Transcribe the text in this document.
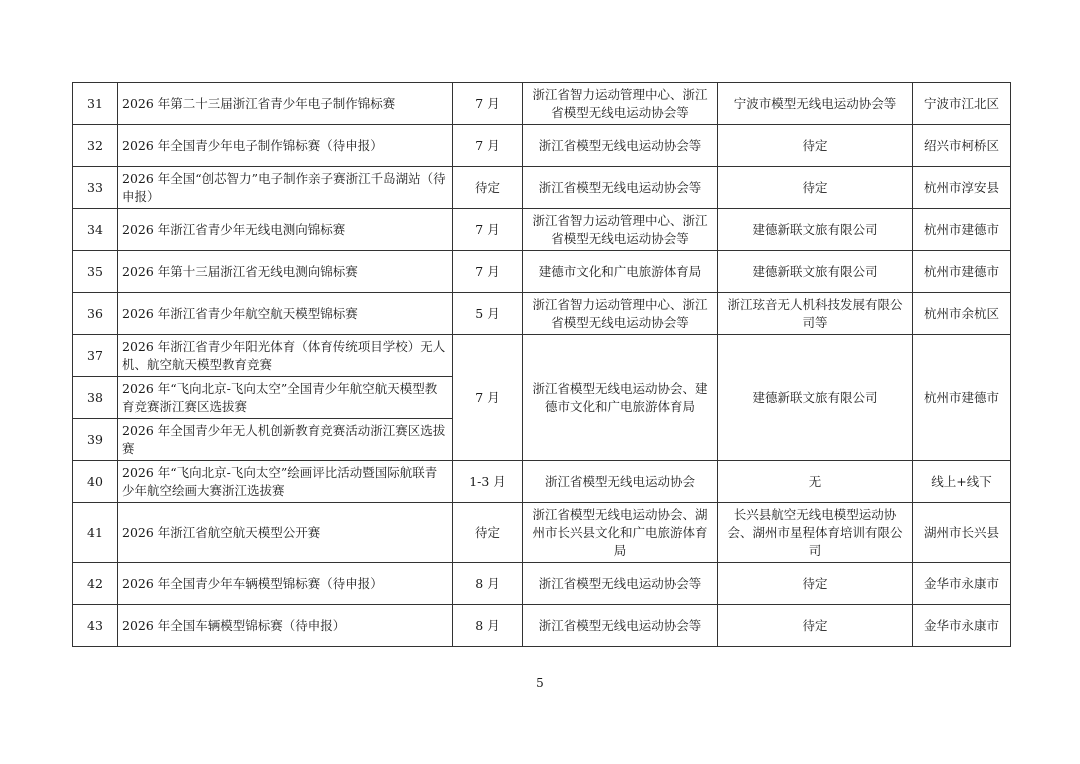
31	2026 年第二十三届浙江省青少年电子制作锦标赛	7 月	浙江省智力运动管理中心、浙江省模型无线电运动协会等	宁波市模型无线电运动协会等	宁波市江北区
32	2026 年全国青少年电子制作锦标赛（待申报）	7 月	浙江省模型无线电运动协会等	待定	绍兴市柯桥区
33	2026 年全国“创芯智力”电子制作亲子赛浙江千岛湖站（待申报）	待定	浙江省模型无线电运动协会等	待定	杭州市淳安县
34	2026 年浙江省青少年无线电测向锦标赛	7 月	浙江省智力运动管理中心、浙江省模型无线电运动协会等	建德新联文旅有限公司	杭州市建德市
35	2026 年第十三届浙江省无线电测向锦标赛	7 月	建德市文化和广电旅游体育局	建德新联文旅有限公司	杭州市建德市
36	2026 年浙江省青少年航空航天模型锦标赛	5 月	浙江省智力运动管理中心、浙江省模型无线电运动协会等	浙江玹音无人机科技发展有限公司等	杭州市余杭区
37	2026 年浙江省青少年阳光体育（体育传统项目学校）无人机、航空航天模型教育竞赛	7 月	浙江省模型无线电运动协会、建德市文化和广电旅游体育局	建德新联文旅有限公司	杭州市建德市
38	2026 年“飞向北京-飞向太空”全国青少年航空航天模型教育竞赛浙江赛区选拔赛				
39	2026 年全国青少年无人机创新教育竞赛活动浙江赛区选拔赛				
40	2026 年“飞向北京-飞向太空”绘画评比活动暨国际航联青少年航空绘画大赛浙江选拔赛	1-3 月	浙江省模型无线电运动协会	无	线上+线下
41	2026 年浙江省航空航天模型公开赛	待定	浙江省模型无线电运动协会、湖州市长兴县文化和广电旅游体育局	长兴县航空无线电模型运动协会、湖州市星程体育培训有限公司	湖州市长兴县
42	2026 年全国青少年车辆模型锦标赛（待申报）	8 月	浙江省模型无线电运动协会等	待定	金华市永康市
43	2026 年全国车辆模型锦标赛（待申报）	8 月	浙江省模型无线电运动协会等	待定	金华市永康市
5
